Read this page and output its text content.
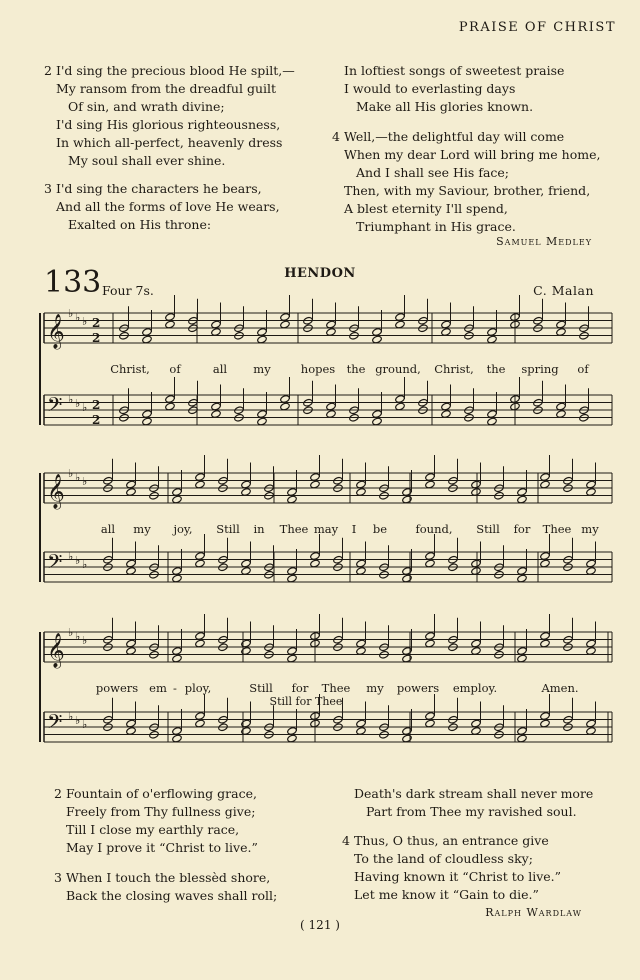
PRAISE OF CHRIST
2 I'd sing the precious blood He spilt,—
My ransom from the dreadful guilt
Of sin, and wrath divine;
I'd sing His glorious righteousness,
In which all-perfect, heavenly dress
My soul shall ever shine.
3 I'd sing the characters he bears,
And all the forms of love He wears,
Exalted on His throne:
In loftiest songs of sweetest praise
I would to everlasting days
Make all His glories known.
4 Well,—the delightful day will come
When my dear Lord will bring me home,
And I shall see His face;
Then, with my Saviour, brother, friend,
A blest eternity I'll spend,
Triumphant in His grace.
Samuel Medley
133 Four 7s.
HENDON
C. Malan
𝄞
♭ ♭ ♭ 2
2
𝄢 ♭ ♭ ♭ 2
2
𝄞
♭ ♭ ♭
𝄢 ♭ ♭ ♭
𝄞
♭ ♭ ♭
𝄢 ♭ ♭ ♭
Christ, of	all my	hopes the ground, Christ, the spring of
all my joy, Still in Thee may I be found, Still for Thee my
powers em - ploy,	Still for Thee my powers employ.	Amen.
Still for Thee
2 Fountain of o'erflowing grace,
Freely from Thy fullness give;
Till I close my earthly race,
May I prove it “Christ to live.”
3 When I touch the blessèd shore,
Back the closing waves shall roll;
Death's dark stream shall never more
Part from Thee my ravished soul.
4 Thus, O thus, an entrance give
To the land of cloudless sky;
Having known it “Christ to live.”
Let me know it “Gain to die.”
Ralph Wardlaw
( 121 )
